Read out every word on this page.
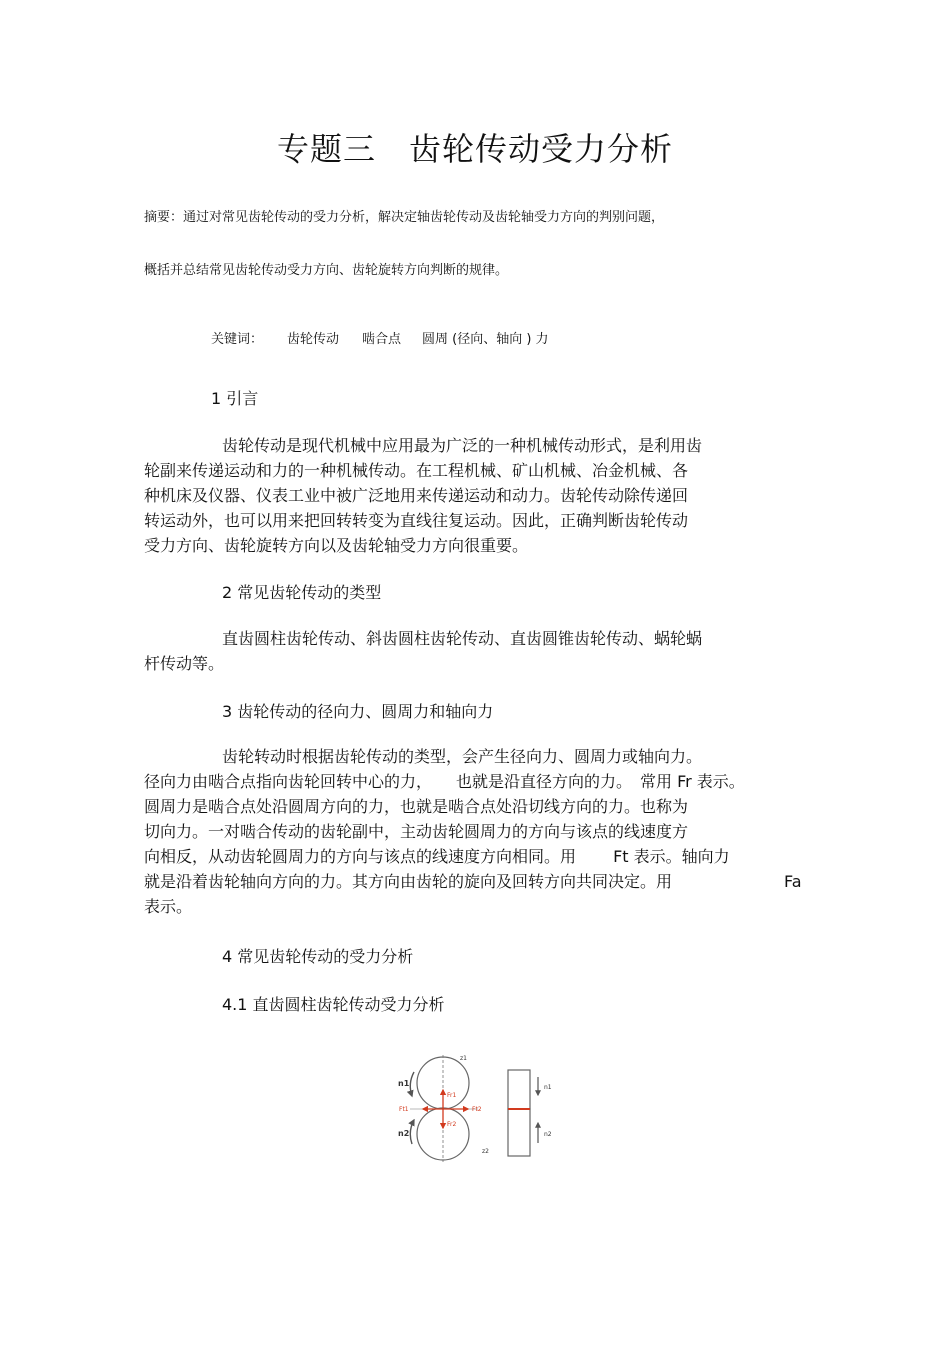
专题三　齿轮传动受力分析
摘要：通过对常见齿轮传动的受力分析，解决定轴齿轮传动及齿轮轴受力方向的判别问题，
概括并总结常见齿轮传动受力方向、齿轮旋转方向判断的规律。
关键词： 齿轮传动 啮合点 圆周 (径向、轴向 ) 力
1 引言
齿轮传动是现代机械中应用最为广泛的一种机械传动形式，是利用齿
轮副来传递运动和力的一种机械传动。在工程机械、矿山机械、冶金机械、各
种机床及仪器、仪表工业中被广泛地用来传递运动和动力。齿轮传动除传递回
转运动外，也可以用来把回转转变为直线往复运动。因此，正确判断齿轮传动
受力方向、齿轮旋转方向以及齿轮轴受力方向很重要。
2 常见齿轮传动的类型
直齿圆柱齿轮传动、斜齿圆柱齿轮传动、直齿圆锥齿轮传动、蜗轮蜗
杆传动等。
3 齿轮传动的径向力、圆周力和轴向力
齿轮转动时根据齿轮传动的类型，会产生径向力、圆周力或轴向力。
径向力由啮合点指向齿轮回转中心的力，　　也就是沿直径方向的力。　常用 Fr 表示。
圆周力是啮合点处沿圆周方向的力，也就是啮合点处沿切线方向的力。也称为
切向力。一对啮合传动的齿轮副中，主动齿轮圆周力的方向与该点的线速度方
向相反，从动齿轮圆周力的方向与该点的线速度方向相同。用　　 Ft 表示。轴向力
就是沿着齿轮轴向方向的力。其方向由齿轮的旋向及回转方向共同决定。用	Fa
表示。
4 常见齿轮传动的受力分析
4.1 直齿圆柱齿轮传动受力分析
z1
z2
n1
n2
Fr1
Fr2
Ft1	Ft2
n1
n2
